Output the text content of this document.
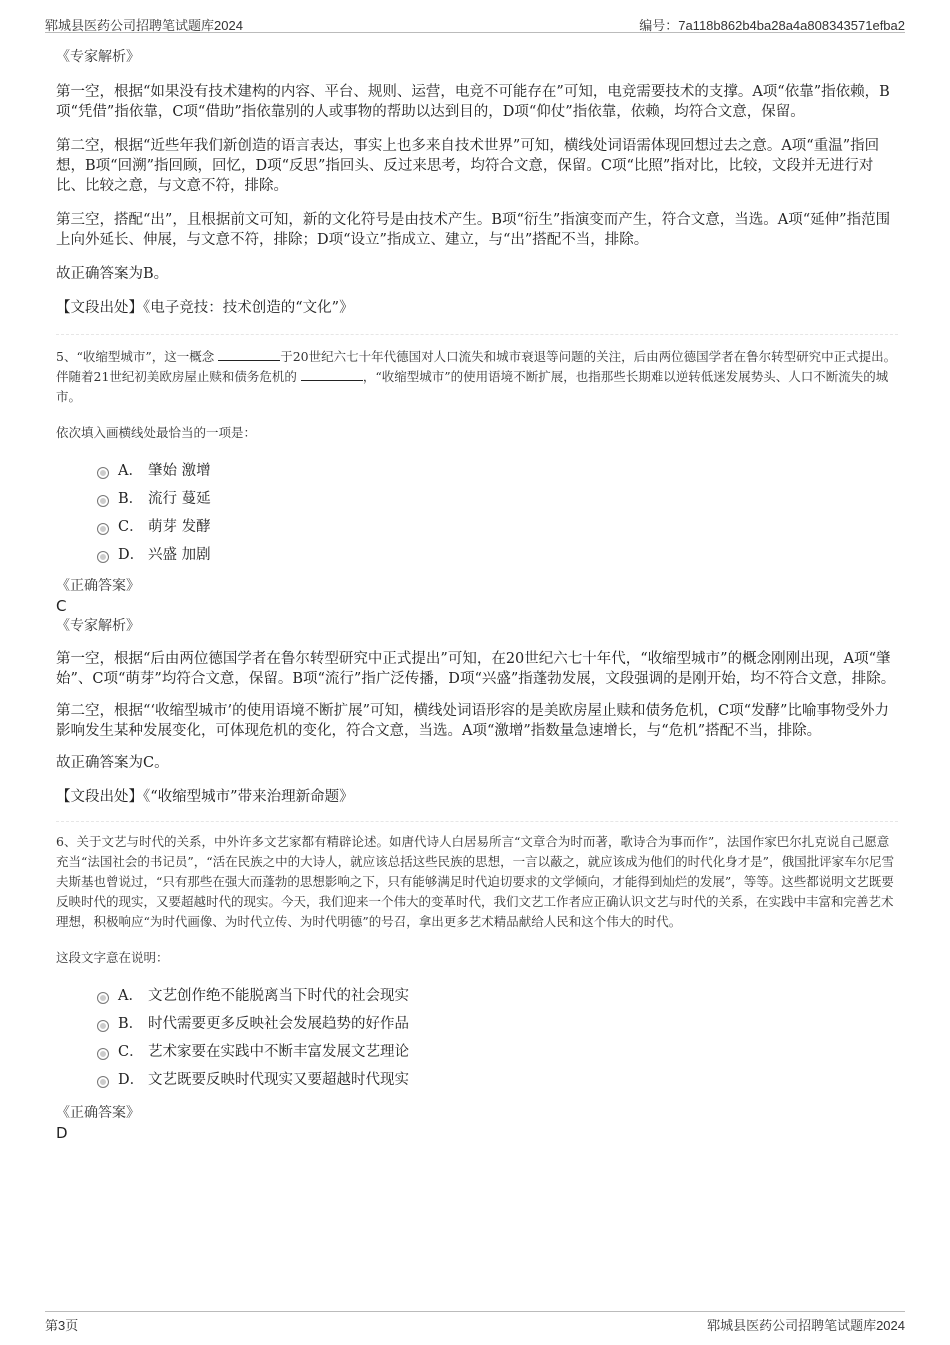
郓城县医药公司招聘笔试题库2024	编号：7a118b862b4ba28a4a808343571efba2

《专家解析》

第一空，根据“如果没有技术建构的内容、平台、规则、运营，电竞不可能存在”可知，电竞需要技术的支撑。A项“依靠”指依赖，B项“凭借”指依靠，C项“借助”指依靠别的人或事物的帮助以达到目的，D项“仰仗”指依靠，依赖，均符合文意，保留。

第二空，根据“近些年我们新创造的语言表达，事实上也多来自技术世界”可知，横线处词语需体现回想过去之意。A项“重温”指回想，B项“回溯”指回顾，回忆，D项“反思”指回头、反过来思考，均符合文意，保留。C项“比照”指对比，比较，文段并无进行对比、比较之意，与文意不符，排除。

第三空，搭配“出”，且根据前文可知，新的文化符号是由技术产生。B项“衍生”指演变而产生，符合文意，当选。A项“延伸”指范围上向外延长、伸展，与文意不符，排除；D项“设立”指成立、建立，与“出”搭配不当，排除。

故正确答案为B。

【文段出处】《电子竞技：技术创造的“文化”》

5、“收缩型城市”，这一概念	于20世纪六七十年代德国对人口流失和城市衰退等问题的关注，后由两位德国学者在鲁尔转型研究中正式提出。伴随着21世纪初美欧房屋止赎和债务危机的	，“收缩型城市”的使用语境不断扩展，也指那些长期难以逆转低迷发展势头、人口不断流失的城市。

依次填入画横线处最恰当的一项是：

A． 肇始 激增
B． 流行 蔓延
C． 萌芽 发酵
D． 兴盛 加剧

《正确答案》

C

《专家解析》

第一空，根据“后由两位德国学者在鲁尔转型研究中正式提出”可知，在20世纪六七十年代，“收缩型城市”的概念刚刚出现，A项“肇始”、C项“萌芽”均符合文意，保留。B项“流行”指广泛传播，D项“兴盛”指蓬勃发展，文段强调的是刚开始，均不符合文意，排除。

第二空，根据“‘收缩型城市’的使用语境不断扩展”可知，横线处词语形容的是美欧房屋止赎和债务危机，C项“发酵”比喻事物受外力影响发生某种发展变化，可体现危机的变化，符合文意，当选。A项“激增”指数量急速增长，与“危机”搭配不当，排除。

故正确答案为C。

【文段出处】《“收缩型城市”带来治理新命题》

6、关于文艺与时代的关系，中外许多文艺家都有精辟论述。如唐代诗人白居易所言“文章合为时而著，歌诗合为事而作”，法国作家巴尔扎克说自己愿意充当“法国社会的书记员”，“活在民族之中的大诗人，就应该总括这些民族的思想，一言以蔽之，就应该成为他们的时代化身才是”，俄国批评家车尔尼雪夫斯基也曾说过，“只有那些在强大而蓬勃的思想影响之下，只有能够满足时代迫切要求的文学倾向，才能得到灿烂的发展”，等等。这些都说明文艺既要反映时代的现实，又要超越时代的现实。今天，我们迎来一个伟大的变革时代，我们文艺工作者应正确认识文艺与时代的关系，在实践中丰富和完善艺术理想，积极响应“为时代画像、为时代立传、为时代明德”的号召，拿出更多艺术精品献给人民和这个伟大的时代。

这段文字意在说明：

A． 文艺创作绝不能脱离当下时代的社会现实
B． 时代需要更多反映社会发展趋势的好作品
C． 艺术家要在实践中不断丰富发展文艺理论
D． 文艺既要反映时代现实又要超越时代现实

《正确答案》

D

第3页	郓城县医药公司招聘笔试题库2024
